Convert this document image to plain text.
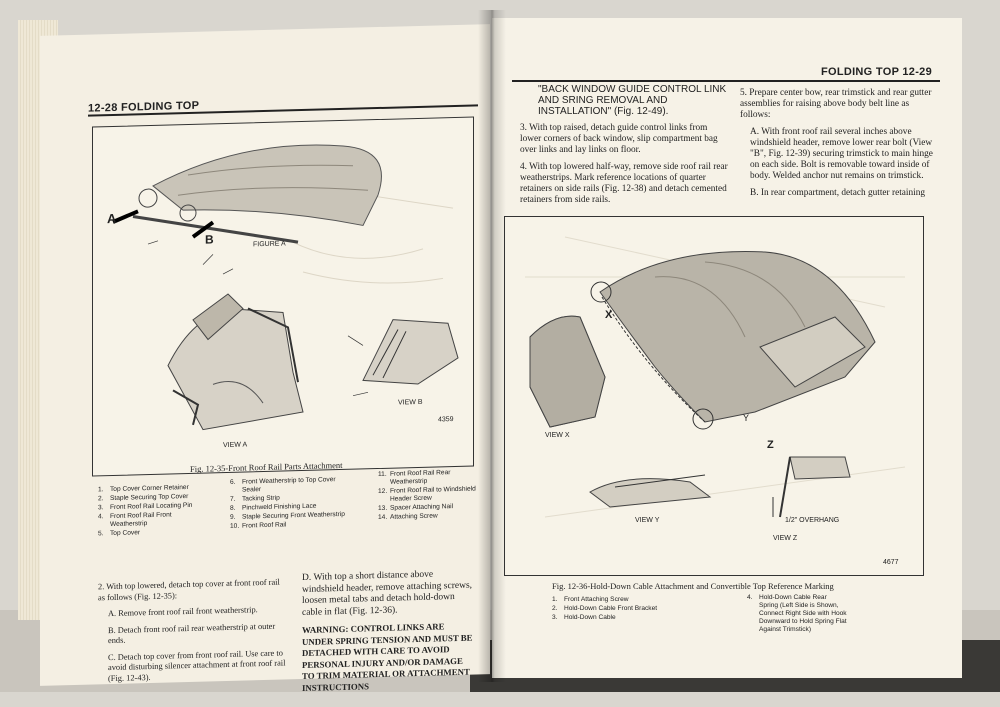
12-28 FOLDING TOP
A
B	FIGURE A
VIEW A
VIEW B
4359
Fig. 12-35-Front Roof Rail Parts Attachment
1. Top Cover Corner Retainer
2. Staple Securing Top Cover
3. Front Roof Rail Locating Pin
4. Front Roof Rail Front Weatherstrip
5. Top Cover
6. Front Weatherstrip to Top Cover Sealer
7. Tacking Strip
8. Pinchweld Finishing Lace
9. Staple Securing Front Weatherstrip
10. Front Roof Rail
11. Front Roof Rail Rear Weatherstrip
12. Front Roof Rail to Windshield Header Screw
13. Spacer Attaching Nail
14. Attaching Screw

2. With top lowered, detach top cover at front roof rail as follows (Fig. 12-35):

A. Remove front roof rail front weatherstrip.

B. Detach front roof rail rear weatherstrip at outer ends.

C. Detach top cover from front roof rail. Use care to avoid disturbing silencer attachment at front roof rail (Fig. 12-43).

D. With top a short distance above windshield header, remove attaching screws, loosen metal tabs and detach hold-down cable in flat (Fig. 12-36).

WARNING: CONTROL LINKS ARE UNDER SPRING TENSION AND MUST BE DETACHED WITH CARE TO AVOID PERSONAL INJURY AND/OR DAMAGE TO TRIM MATERIAL OR ATTACHMENT INSTRUCTIONS

FOLDING TOP 12-29

"BACK WINDOW GUIDE CONTROL LINK AND SRING REMOVAL AND INSTALLATION" (Fig. 12-49).

3. With top raised, detach guide control links from lower corners of back window, slip compartment bag over links and lay links on floor.

4. With top lowered half-way, remove side roof rail rear weatherstrips. Mark reference locations of quarter retainers on side rails (Fig. 12-38) and detach cemented retainers from side rails.

5. Prepare center bow, rear trimstick and rear gutter assemblies for raising above body belt line as follows:

A. With front roof rail several inches above windshield header, remove lower rear bolt (View "B", Fig. 12-39) securing trimstick to main hinge on each side. Bolt is removable toward inside of body. Welded anchor nut remains on trimstick.

B. In rear compartment, detach gutter retaining

X
Y
Z
VIEW X
VIEW Y
VIEW Z
1/2" OVERHANG
4677
Fig. 12-36-Hold-Down Cable Attachment and Convertible Top Reference Marking
1. Front Attaching Screw
2. Hold-Down Cable Front Bracket
3. Hold-Down Cable
4. Hold-Down Cable Rear Spring (Left Side is Shown, Connect Right Side with Hook Downward to Hold Spring Flat Against Trimstick)
